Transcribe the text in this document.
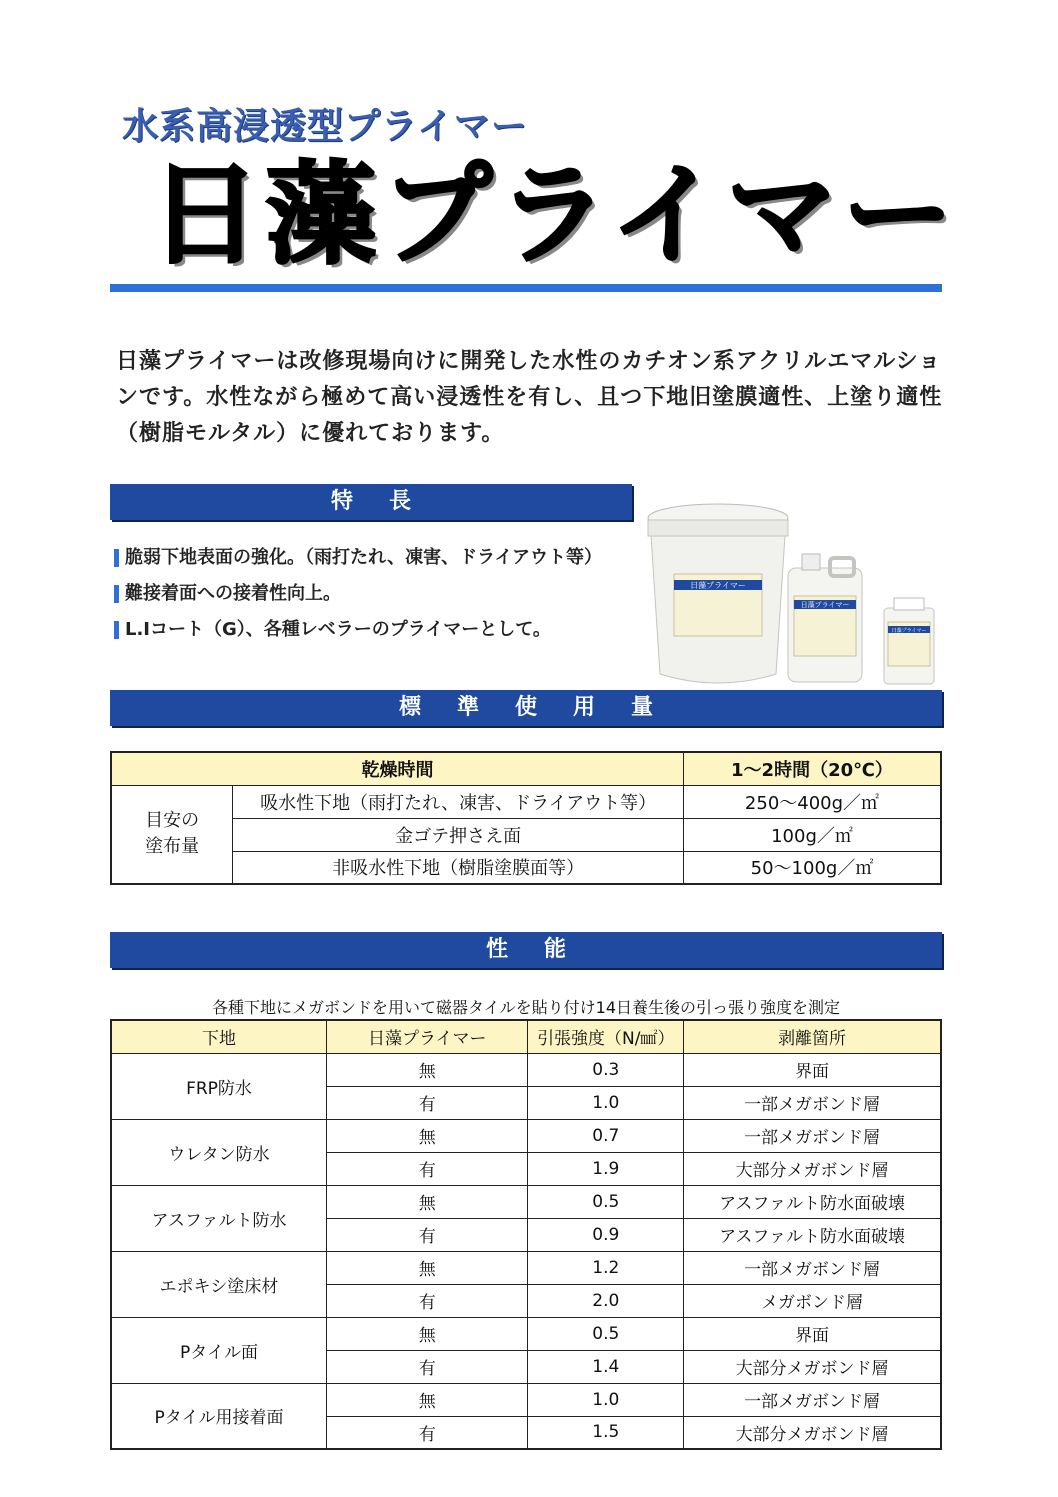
水系高浸透型プライマー
日藻プライマー
日藻プライマーは改修現場向けに開発した水性のカチオン系アクリルエマルションです。水性ながら極めて高い浸透性を有し、且つ下地旧塗膜適性、上塗り適性（樹脂モルタル）に優れております。
特長
脆弱下地表面の強化。（雨打たれ、凍害、ドライアウト等）
難接着面への接着性向上。
L.Iコート（G）、各種レベラーのプライマーとして。
日藻プライマー
日藻プライマー
日藻プライマー
標準使用量
乾燥時間		1～2時間（20℃）

目安の
塗布量	吸水性下地（雨打たれ、凍害、ドライアウト等）	250～400g／㎡
	金ゴテ押さえ面	100g／㎡
	非吸水性下地（樹脂塗膜面等）	50～100g／㎡
性能
各種下地にメガボンドを用いて磁器タイルを貼り付け14日養生後の引っ張り強度を測定
下地	日藻プライマー	引張強度（N/㎟）	剥離箇所
FRP防水	無	0.3	界面
	有	1.0	一部メガボンド層
ウレタン防水	無	0.7	一部メガボンド層
	有	1.9	大部分メガボンド層
アスファルト防水	無	0.5	アスファルト防水面破壊
	有	0.9	アスファルト防水面破壊
エポキシ塗床材	無	1.2	一部メガボンド層
	有	2.0	メガボンド層
Pタイル面	無	0.5	界面
	有	1.4	大部分メガボンド層
Pタイル用接着面	無	1.0	一部メガボンド層
	有	1.5	大部分メガボンド層
